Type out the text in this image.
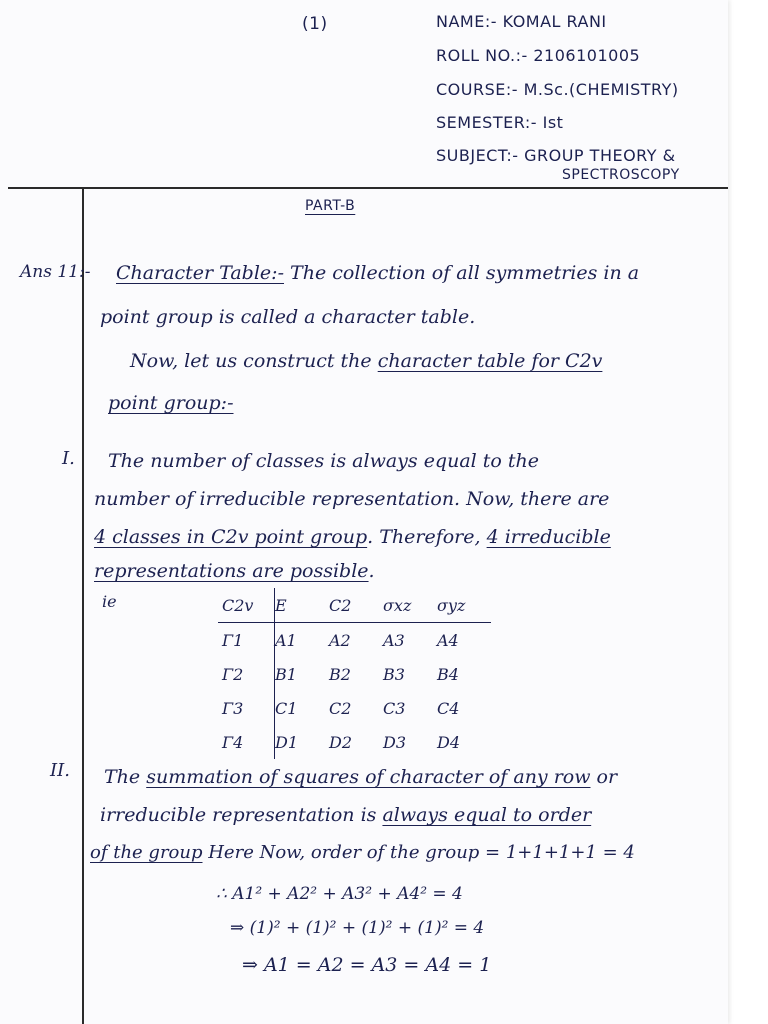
(1)	NAME:- KOMAL RANI
ROLL NO.:- 2106101005
COURSE:- M.Sc.(CHEMISTRY)
SEMESTER:- Ist
SUBJECT:- GROUP THEORY &
SPECTROSCOPY
PART-B
Ans 11:- Character Table:- The collection of all symmetries in a
point group is called a character table.
Now, let us construct the character table for C2v
point group:-
I. The number of classes is always equal to the
number of irreducible representation. Now, there are
4 classes in C2v point group. Therefore, 4 irreducible
representations are possible.
ie	C2v	E	C2	σxz	σyz
Γ1	A1	A2	A3	A4
Γ2	B1	B2	B3	B4
Γ3	C1	C2	C3	C4
Γ4	D1	D2	D3	D4
II. The summation of squares of character of any row or
irreducible representation is always equal to order
of the group Here Now, order of the group = 1+1+1+1 = 4
∴ A1² + A2² + A3² + A4² = 4
⇒ (1)² + (1)² + (1)² + (1)² = 4
⇒ A1 = A2 = A3 = A4 = 1
